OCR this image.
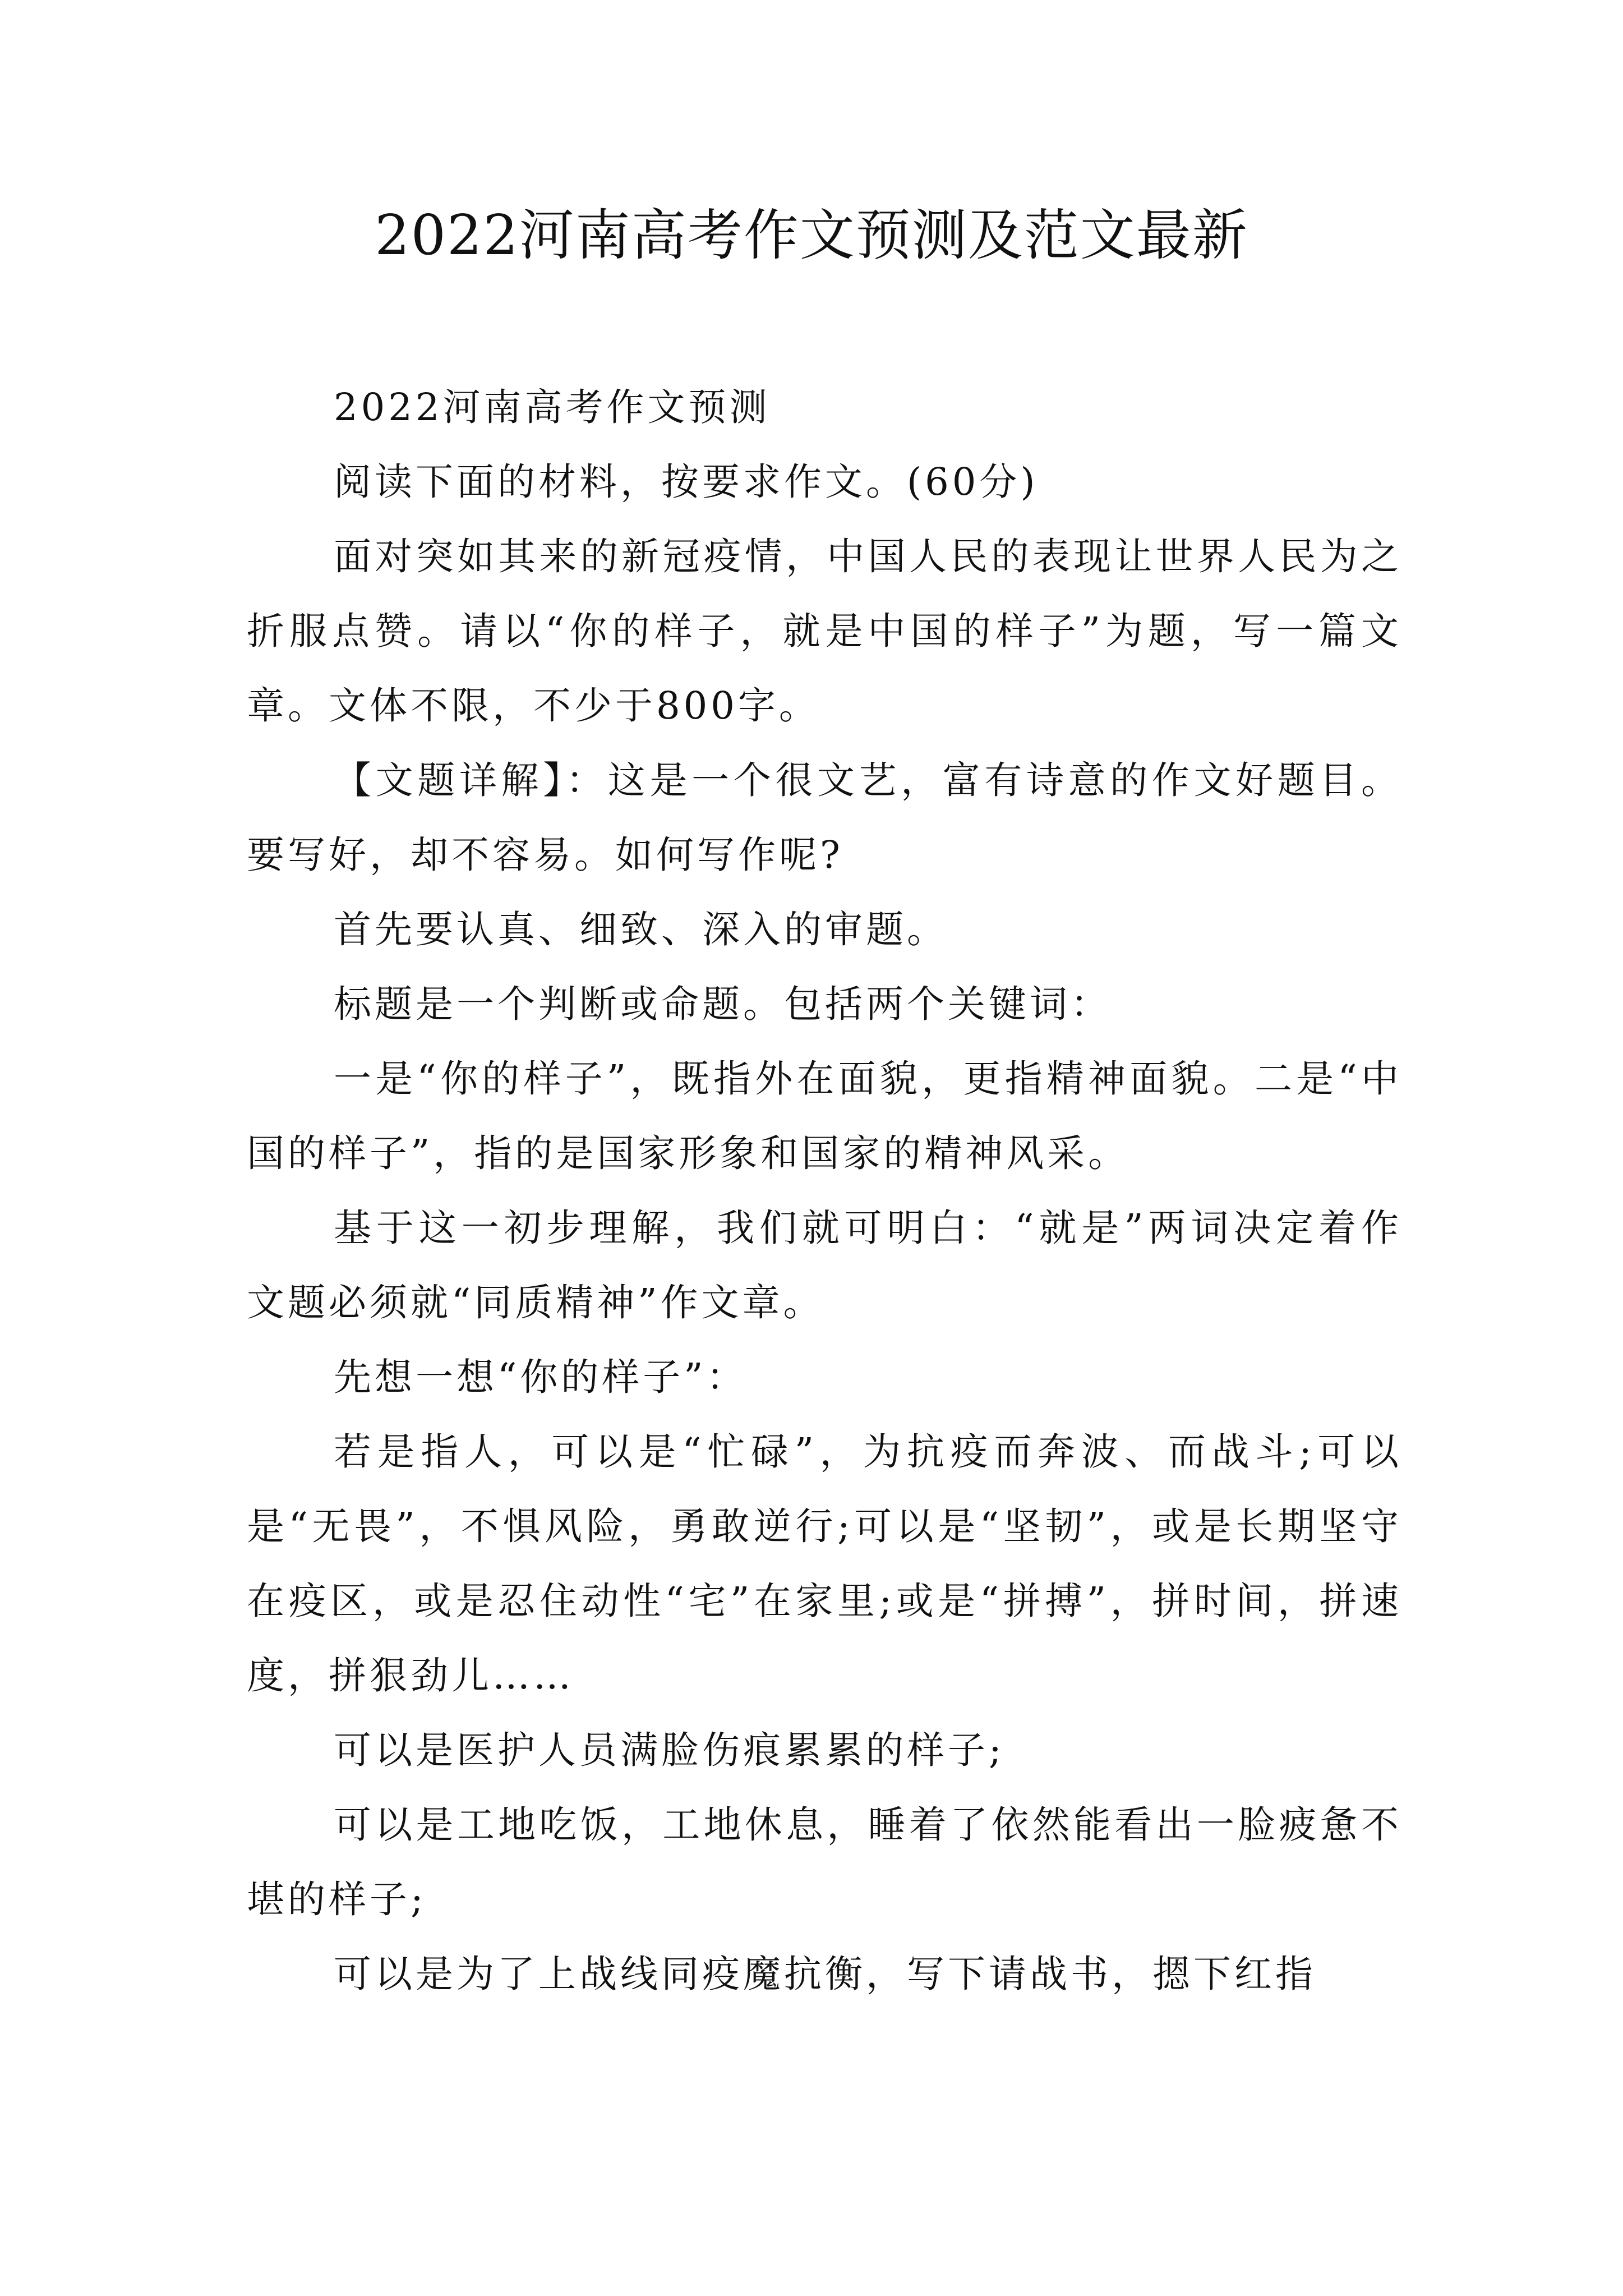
2022河南高考作文预测及范文最新

2022河南高考作文预测

阅读下面的材料，按要求作文。(60分)

面对突如其来的新冠疫情，中国人民的表现让世界人民为之折服点赞。请以“你的样子，就是中国的样子”为题，写一篇文章。文体不限，不少于800字。

【文题详解】：这是一个很文艺，富有诗意的作文好题目。要写好，却不容易。如何写作呢?

首先要认真、细致、深入的审题。

标题是一个判断或命题。包括两个关键词：

一是“你的样子”，既指外在面貌，更指精神面貌。二是“中国的样子”，指的是国家形象和国家的精神风采。

基于这一初步理解，我们就可明白：“就是”两词决定着作文题必须就“同质精神”作文章。

先想一想“你的样子”：

若是指人，可以是“忙碌”，为抗疫而奔波、而战斗;可以是“无畏”，不惧风险，勇敢逆行;可以是“坚韧”，或是长期坚守在疫区，或是忍住动性“宅”在家里;或是“拼搏”，拼时间，拼速度，拼狠劲儿……

可以是医护人员满脸伤痕累累的样子;

可以是工地吃饭，工地休息，睡着了依然能看出一脸疲惫不堪的样子;

可以是为了上战线同疫魔抗衡，写下请战书，摁下红指
